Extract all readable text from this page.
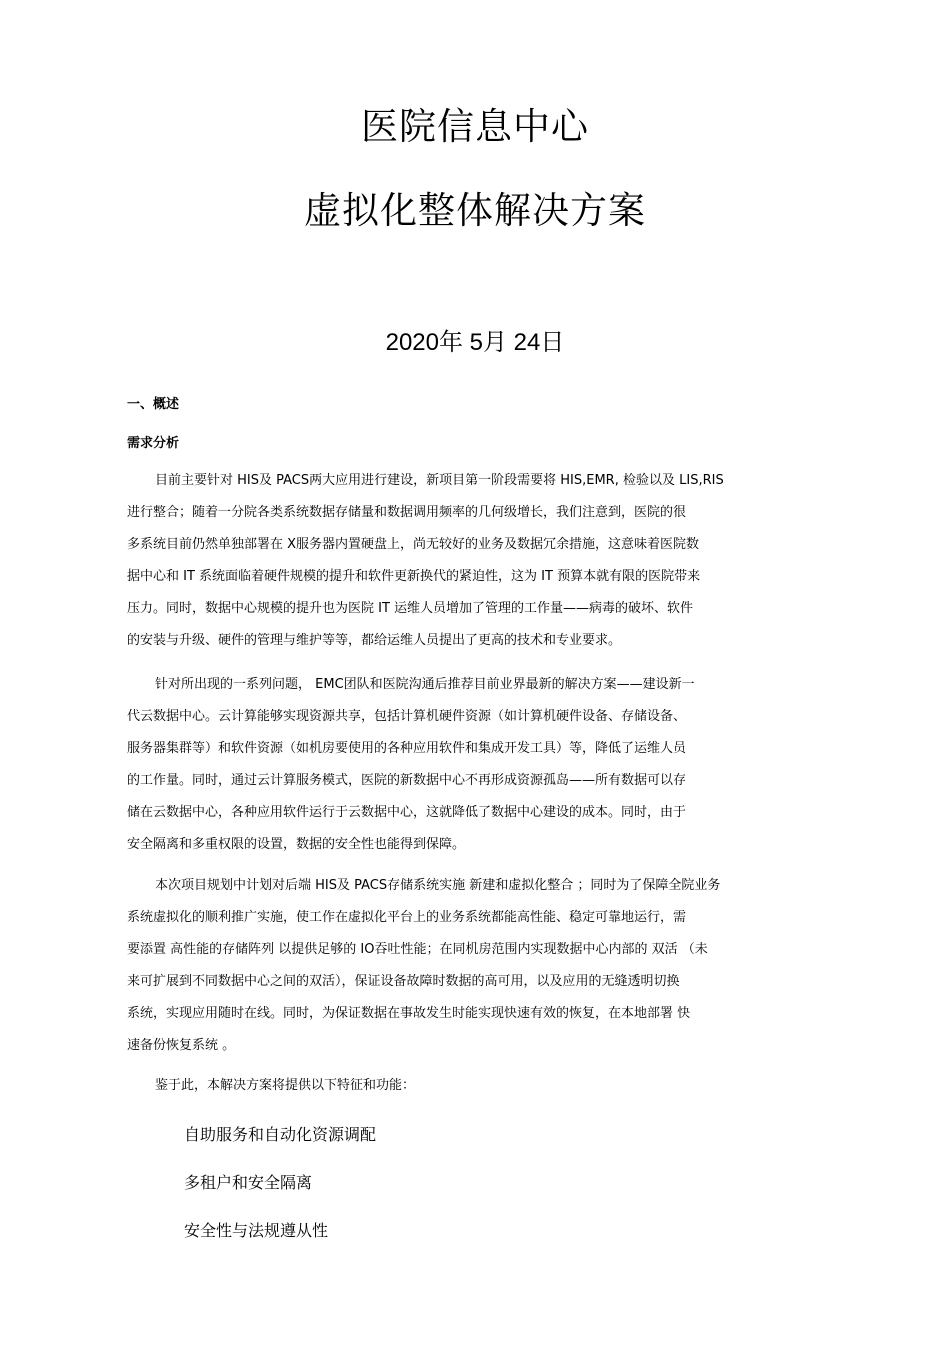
医院信息中心
虚拟化整体解决方案
2020年 5月 24日
一、概述
需求分析
目前主要针对 HIS及 PACS两大应用进行建设，新项目第一阶段需要将 HIS,EMR, 检验以及 LIS,RIS
进行整合；随着一分院各类系统数据存储量和数据调用频率的几何级增长，我们注意到，医院的很
多系统目前仍然单独部署在 X服务器内置硬盘上，尚无较好的业务及数据冗余措施，这意味着医院数
据中心和 IT 系统面临着硬件规模的提升和软件更新换代的紧迫性，这为 IT 预算本就有限的医院带来
压力。同时，数据中心规模的提升也为医院 IT 运维人员增加了管理的工作量——病毒的破坏、软件
的安装与升级、硬件的管理与维护等等，都给运维人员提出了更高的技术和专业要求。
针对所出现的一系列问题， EMC团队和医院沟通后推荐目前业界最新的解决方案——建设新一
代云数据中心。云计算能够实现资源共享，包括计算机硬件资源（如计算机硬件设备、存储设备、
服务器集群等）和软件资源（如机房要使用的各种应用软件和集成开发工具）等，降低了运维人员
的工作量。同时，通过云计算服务模式，医院的新数据中心不再形成资源孤岛——所有数据可以存
储在云数据中心，各种应用软件运行于云数据中心，这就降低了数据中心建设的成本。同时，由于
安全隔离和多重权限的设置，数据的安全性也能得到保障。
本次项目规划中计划对后端 HIS及 PACS存储系统实施 新建和虚拟化整合 ；同时为了保障全院业务
系统虚拟化的顺利推广实施，使工作在虚拟化平台上的业务系统都能高性能、稳定可靠地运行，需
要添置 高性能的存储阵列 以提供足够的 IO吞吐性能；在同机房范围内实现数据中心内部的 双活 （未
来可扩展到不同数据中心之间的双活），保证设备故障时数据的高可用，以及应用的无缝透明切换
系统，实现应用随时在线。同时，为保证数据在事故发生时能实现快速有效的恢复，在本地部署 快
速备份恢复系统 。
鉴于此，本解决方案将提供以下特征和功能：
自助服务和自动化资源调配
多租户和安全隔离
安全性与法规遵从性
